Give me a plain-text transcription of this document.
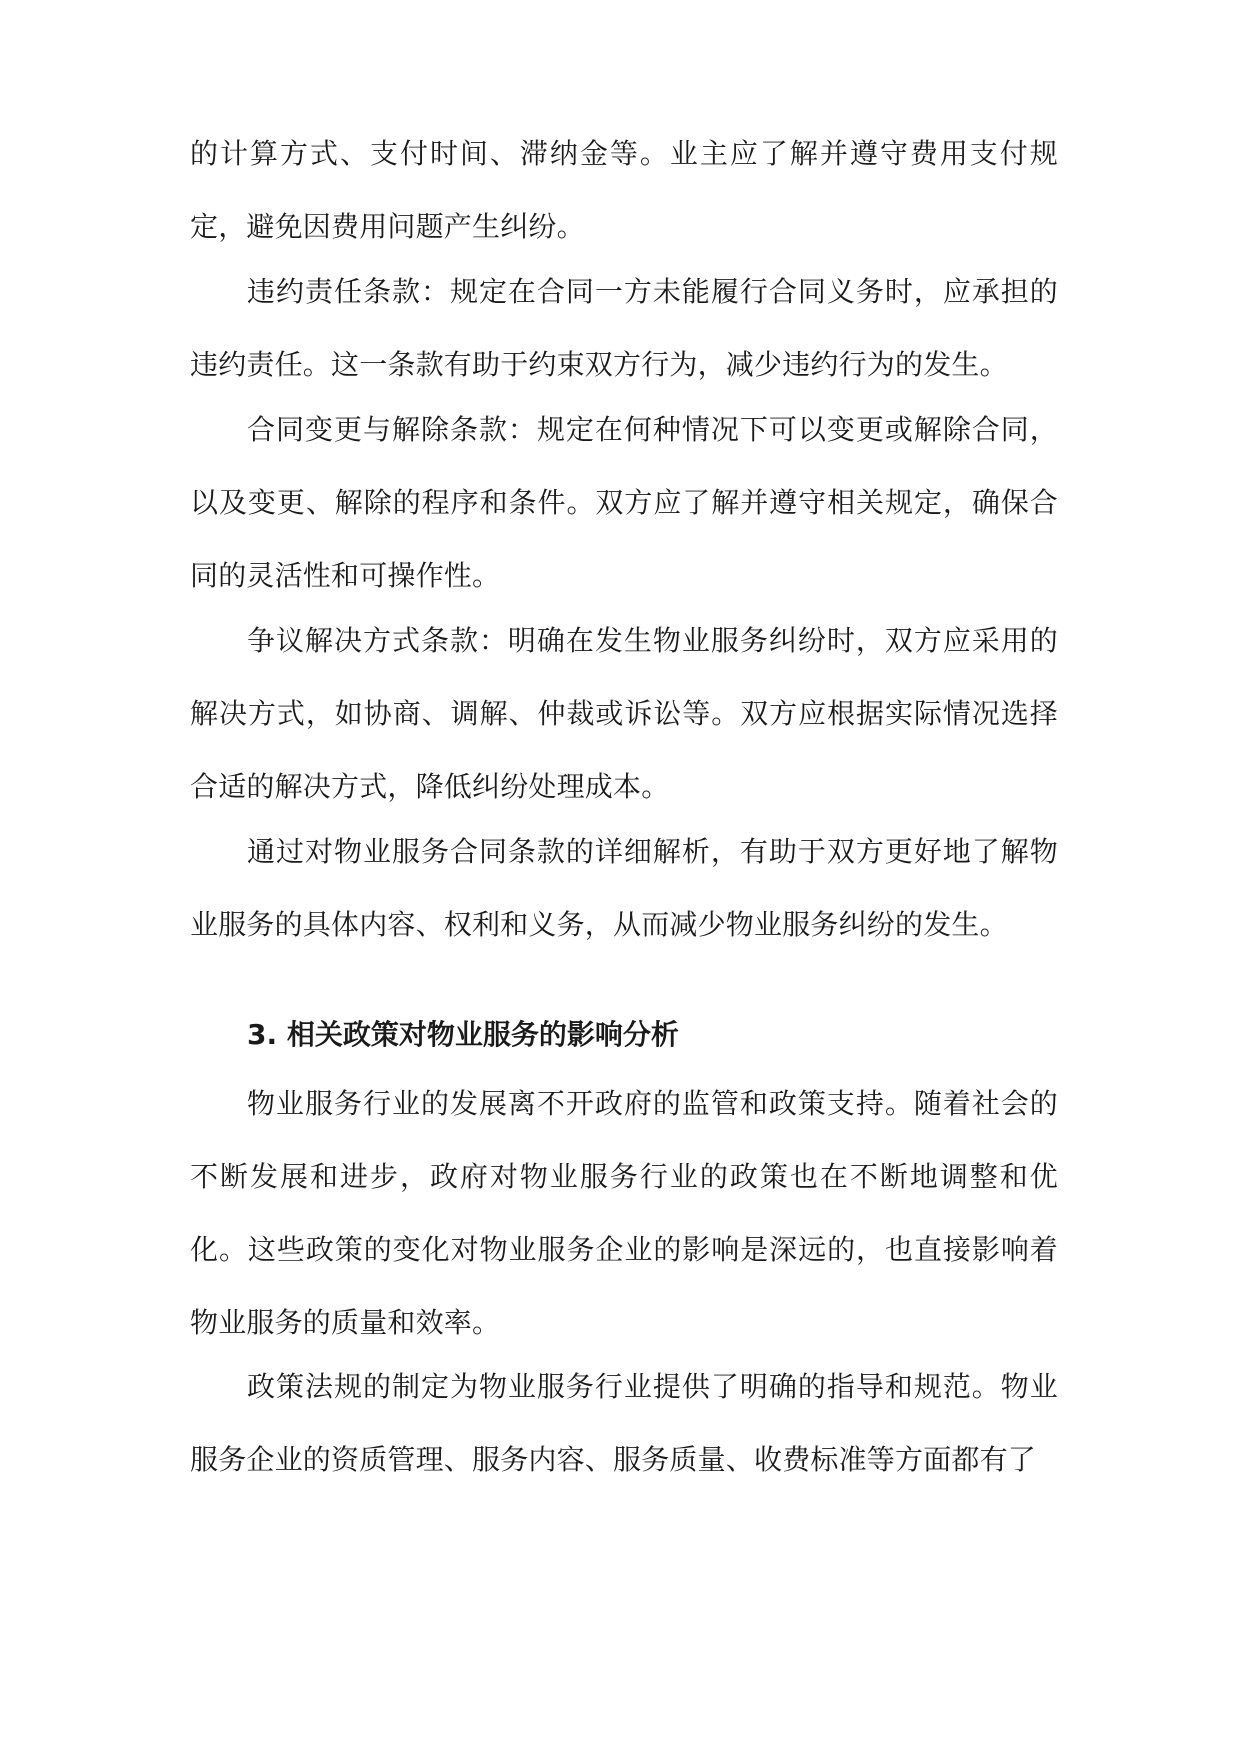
的计算方式、支付时间、滞纳金等。业主应了解并遵守费用支付规定，避免因费用问题产生纠纷。

违约责任条款：规定在合同一方未能履行合同义务时，应承担的违约责任。这一条款有助于约束双方行为，减少违约行为的发生。

合同变更与解除条款：规定在何种情况下可以变更或解除合同，以及变更、解除的程序和条件。双方应了解并遵守相关规定，确保合同的灵活性和可操作性。

争议解决方式条款：明确在发生物业服务纠纷时，双方应采用的解决方式，如协商、调解、仲裁或诉讼等。双方应根据实际情况选择合适的解决方式，降低纠纷处理成本。

通过对物业服务合同条款的详细解析，有助于双方更好地了解物业服务的具体内容、权利和义务，从而减少物业服务纠纷的发生。

3. 相关政策对物业服务的影响分析

物业服务行业的发展离不开政府的监管和政策支持。随着社会的不断发展和进步，政府对物业服务行业的政策也在不断地调整和优化。这些政策的变化对物业服务企业的影响是深远的，也直接影响着物业服务的质量和效率。

政策法规的制定为物业服务行业提供了明确的指导和规范。物业服务企业的资质管理、服务内容、服务质量、收费标准等方面都有了
